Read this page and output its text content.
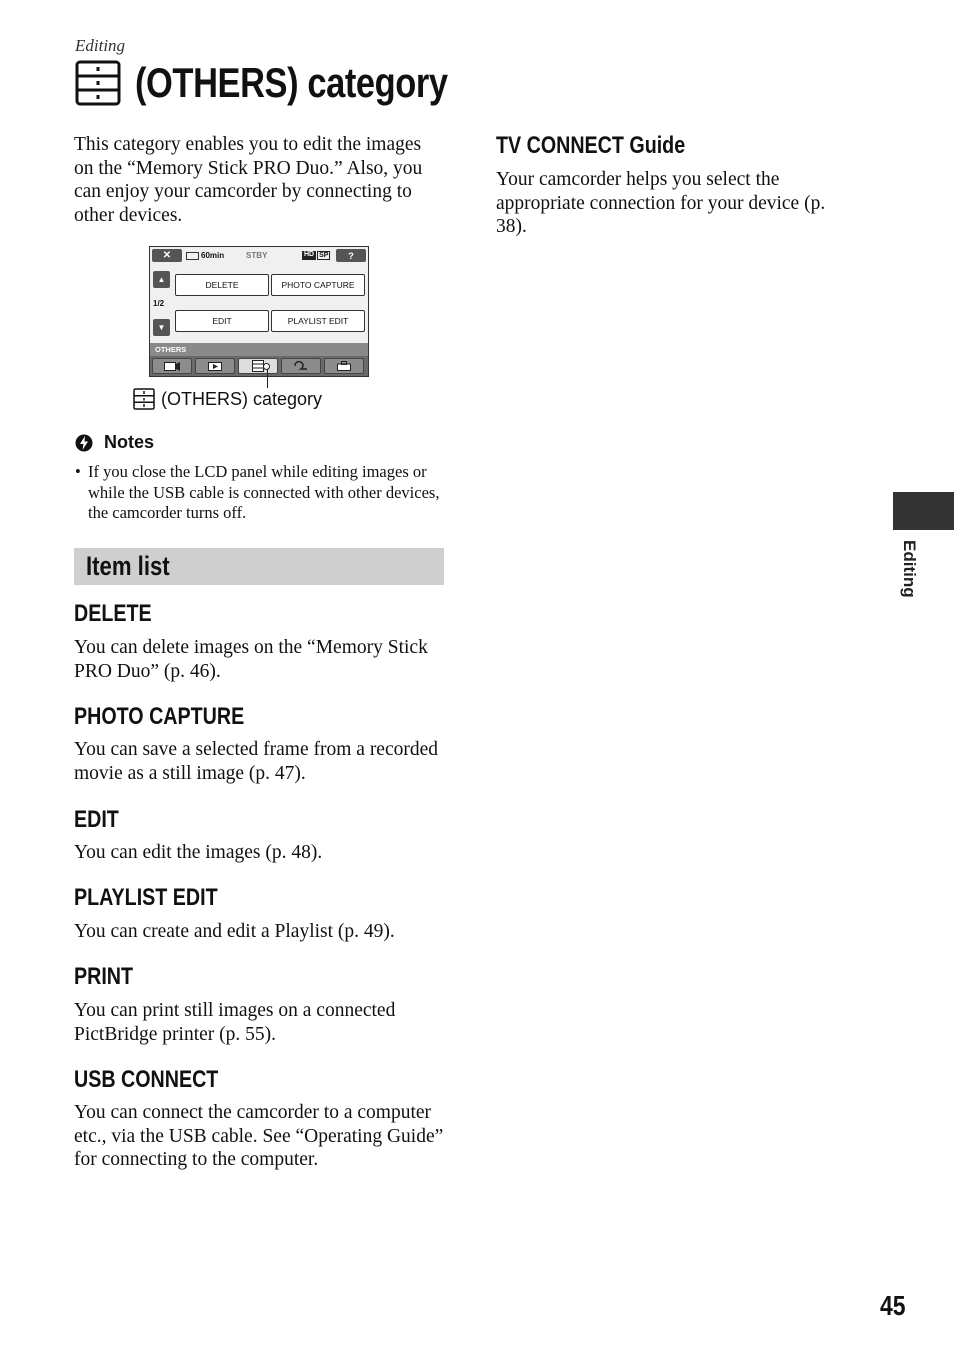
Editing
(OTHERS) category
This category enables you to edit the images on the “Memory Stick PRO Duo.” Also, you can enjoy your camcorder by connecting to other devices.
✕	60min	STBY	HD SP	?
▲
1/2
▼
DELETE	PHOTO CAPTURE
EDIT	PLAYLIST EDIT
OTHERS
(OTHERS) category
Notes
• If you close the LCD panel while editing images or while the USB cable is connected with other devices, the camcorder turns off.
Item list
DELETE
You can delete images on the “Memory Stick PRO Duo” (p. 46).
PHOTO CAPTURE
You can save a selected frame from a recorded movie as a still image (p. 47).
EDIT
You can edit the images (p. 48).
PLAYLIST EDIT
You can create and edit a Playlist (p. 49).
PRINT
You can print still images on a connected PictBridge printer (p. 55).
USB CONNECT
You can connect the camcorder to a computer etc., via the USB cable. See “Operating Guide” for connecting to the computer.
TV CONNECT Guide
Your camcorder helps you select the appropriate connection for your device (p. 38).
Editing
45
